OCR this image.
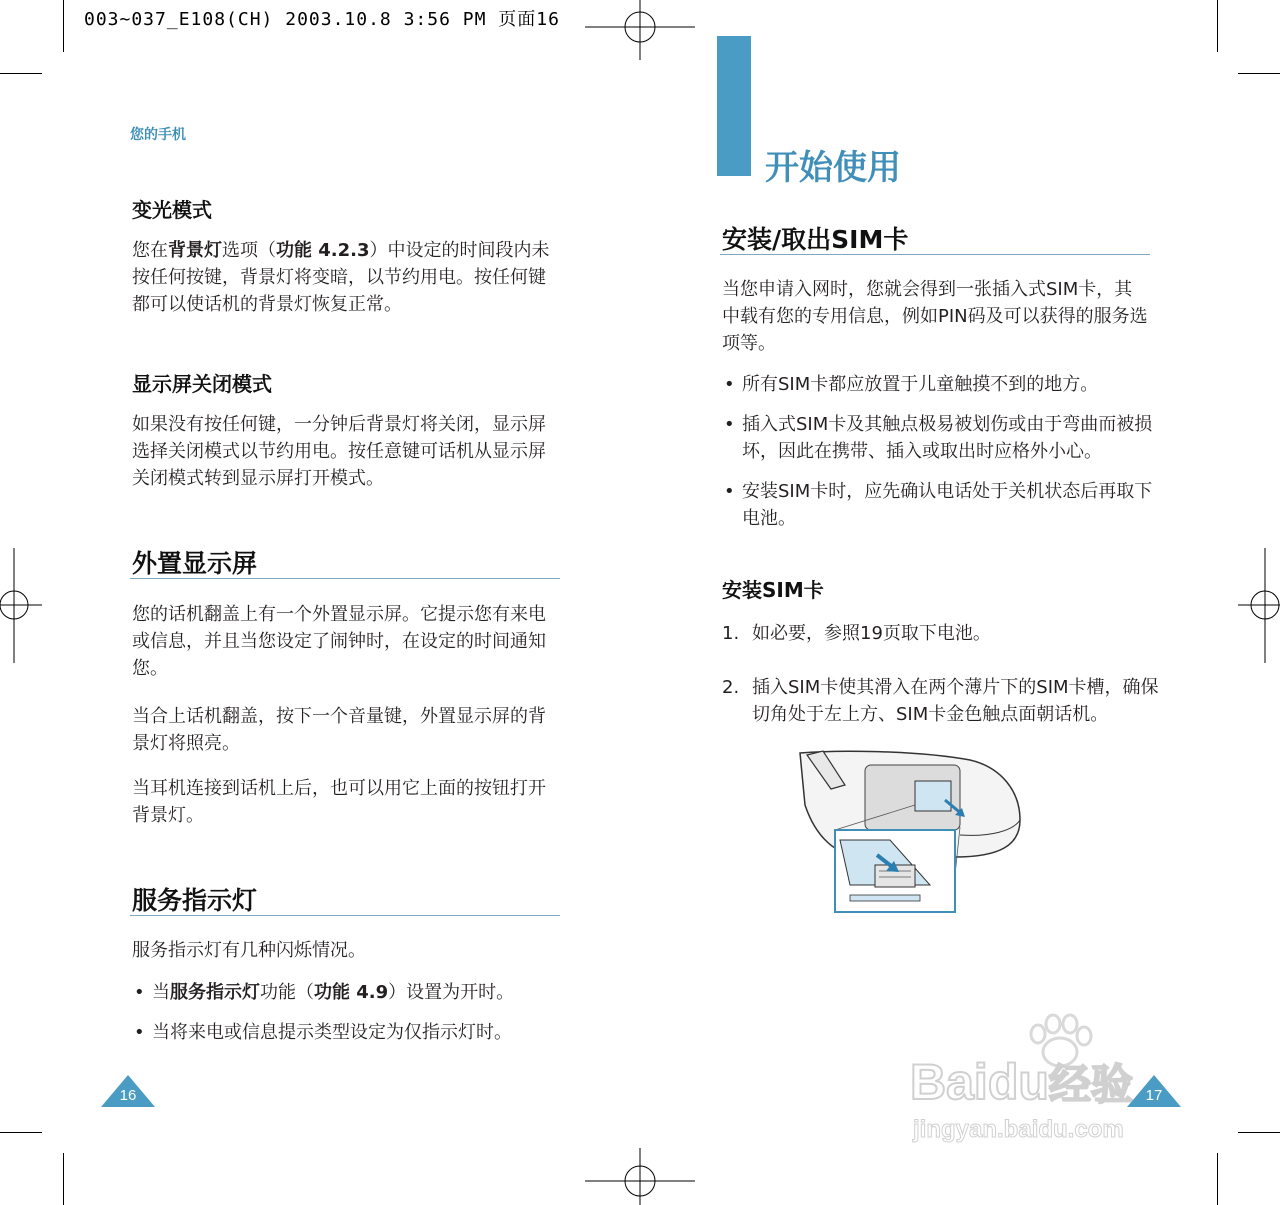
003~037_E108(CH) 2003.10.8 3:56 PM 页面16
您的手机
变光模式
您在背景灯选项（功能 4.2.3）中设定的时间段内未按任何按键，背景灯将变暗，以节约用电。按任何键都可以使话机的背景灯恢复正常。
显示屏关闭模式
如果没有按任何键，一分钟后背景灯将关闭，显示屏选择关闭模式以节约用电。按任意键可话机从显示屏关闭模式转到显示屏打开模式。
外置显示屏
您的话机翻盖上有一个外置显示屏。它提示您有来电或信息，并且当您设定了闹钟时，在设定的时间通知您。
当合上话机翻盖，按下一个音量键，外置显示屏的背景灯将照亮。
当耳机连接到话机上后，也可以用它上面的按钮打开背景灯。
服务指示灯
服务指示灯有几种闪烁情况。
• 当服务指示灯功能（功能 4.9）设置为开时。
• 当将来电或信息提示类型设定为仅指示灯时。
16
开始使用
安装/取出SIM卡
当您申请入网时，您就会得到一张插入式SIM卡，其中载有您的专用信息，例如PIN码及可以获得的服务选项等。
• 所有SIM卡都应放置于儿童触摸不到的地方。
• 插入式SIM卡及其触点极易被划伤或由于弯曲而被损坏，因此在携带、插入或取出时应格外小心。
• 安装SIM卡时，应先确认电话处于关机状态后再取下电池。
安装SIM卡
1. 如必要，参照19页取下电池。
2. 插入SIM卡使其滑入在两个薄片下的SIM卡槽，确保切角处于左上方、SIM卡金色触点面朝话机。
17
Baidu经验
jingyan.baidu.com
